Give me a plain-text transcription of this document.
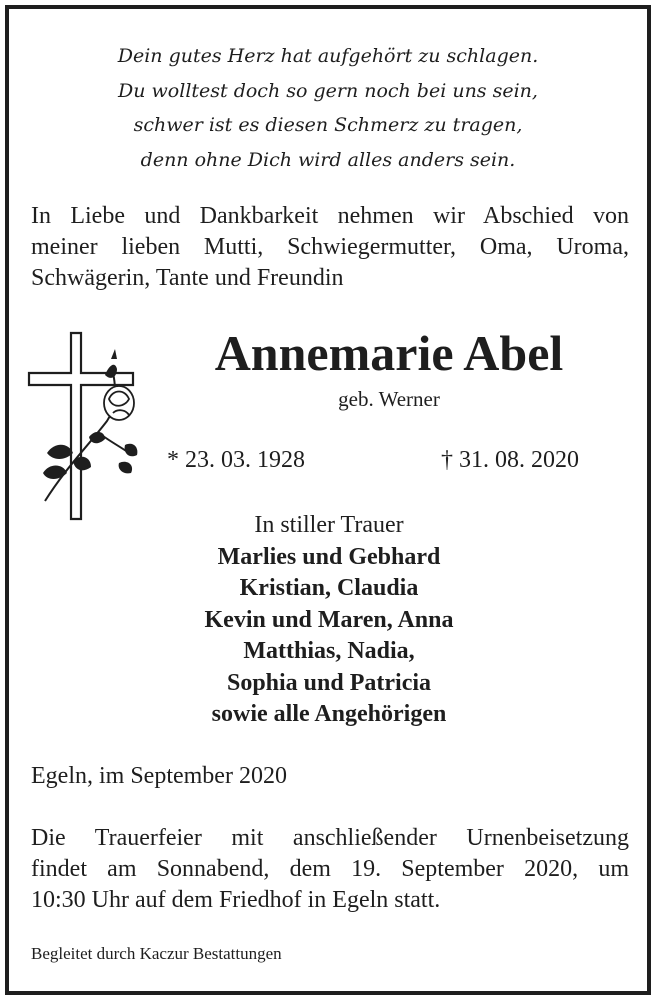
Dein gutes Herz hat aufgehört zu schlagen.
Du wolltest doch so gern noch bei uns sein,
schwer ist es diesen Schmerz zu tragen,
denn ohne Dich wird alles anders sein.
In Liebe und Dankbarkeit nehmen wir Abschied von
meiner lieben Mutti, Schwiegermutter, Oma, Uroma,
Schwägerin, Tante und Freundin
Annemarie Abel
geb. Werner
* 23. 03. 1928	† 31. 08. 2020
In stiller Trauer
Marlies und Gebhard
Kristian, Claudia
Kevin und Maren, Anna
Matthias, Nadia,
Sophia und Patricia
sowie alle Angehörigen
Egeln, im September 2020
Die Trauerfeier mit anschließender Urnenbeisetzung
findet am Sonnabend, dem 19. September 2020, um
10:30 Uhr auf dem Friedhof in Egeln statt.
Begleitet durch Kaczur Bestattungen
